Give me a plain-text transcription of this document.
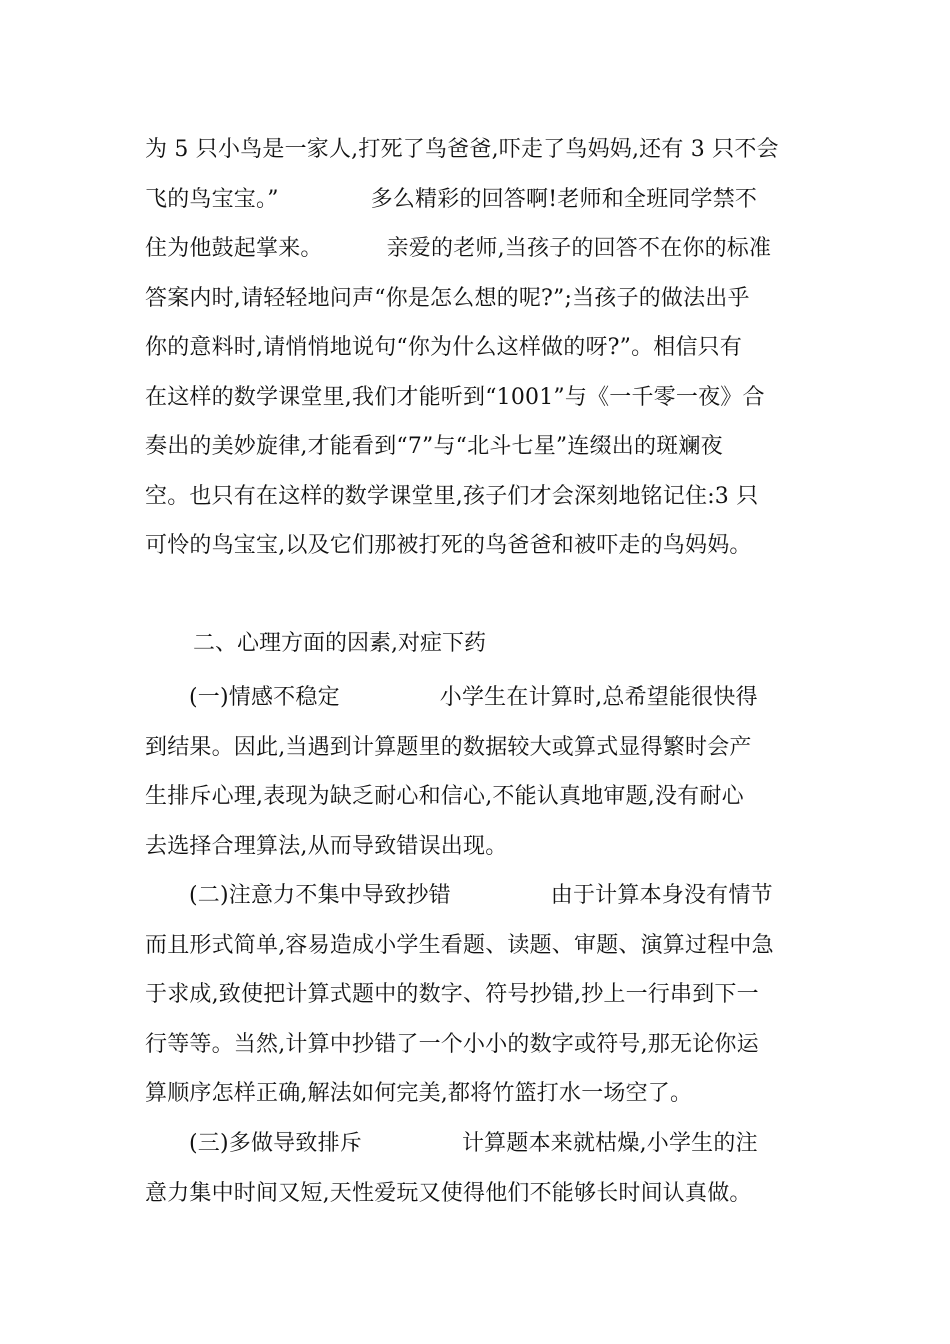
为 5 只小鸟是一家人,打死了鸟爸爸,吓走了鸟妈妈,还有 3 只不会
飞的鸟宝宝。”	多么精彩的回答啊!老师和全班同学禁不
住为他鼓起掌来。	亲爱的老师,当孩子的回答不在你的标准
答案内时,请轻轻地问声“你是怎么想的呢?”;当孩子的做法出乎
你的意料时,请悄悄地说句“你为什么这样做的呀?”。相信只有
在这样的数学课堂里,我们才能听到“1001”与《一千零一夜》合
奏出的美妙旋律,才能看到“7”与“北斗七星”连缀出的斑斓夜
空。也只有在这样的数学课堂里,孩子们才会深刻地铭记住:3 只
可怜的鸟宝宝,以及它们那被打死的鸟爸爸和被吓走的鸟妈妈。
二、心理方面的因素,对症下药
(一)情感不稳定	小学生在计算时,总希望能很快得
到结果。因此,当遇到计算题里的数据较大或算式显得繁时会产
生排斥心理,表现为缺乏耐心和信心,不能认真地审题,没有耐心
去选择合理算法,从而导致错误出现。
(二)注意力不集中导致抄错	由于计算本身没有情节
而且形式简单,容易造成小学生看题、读题、审题、演算过程中急
于求成,致使把计算式题中的数字、符号抄错,抄上一行串到下一
行等等。当然,计算中抄错了一个小小的数字或符号,那无论你运
算顺序怎样正确,解法如何完美,都将竹篮打水一场空了。
(三)多做导致排斥	计算题本来就枯燥,小学生的注
意力集中时间又短,天性爱玩又使得他们不能够长时间认真做。
